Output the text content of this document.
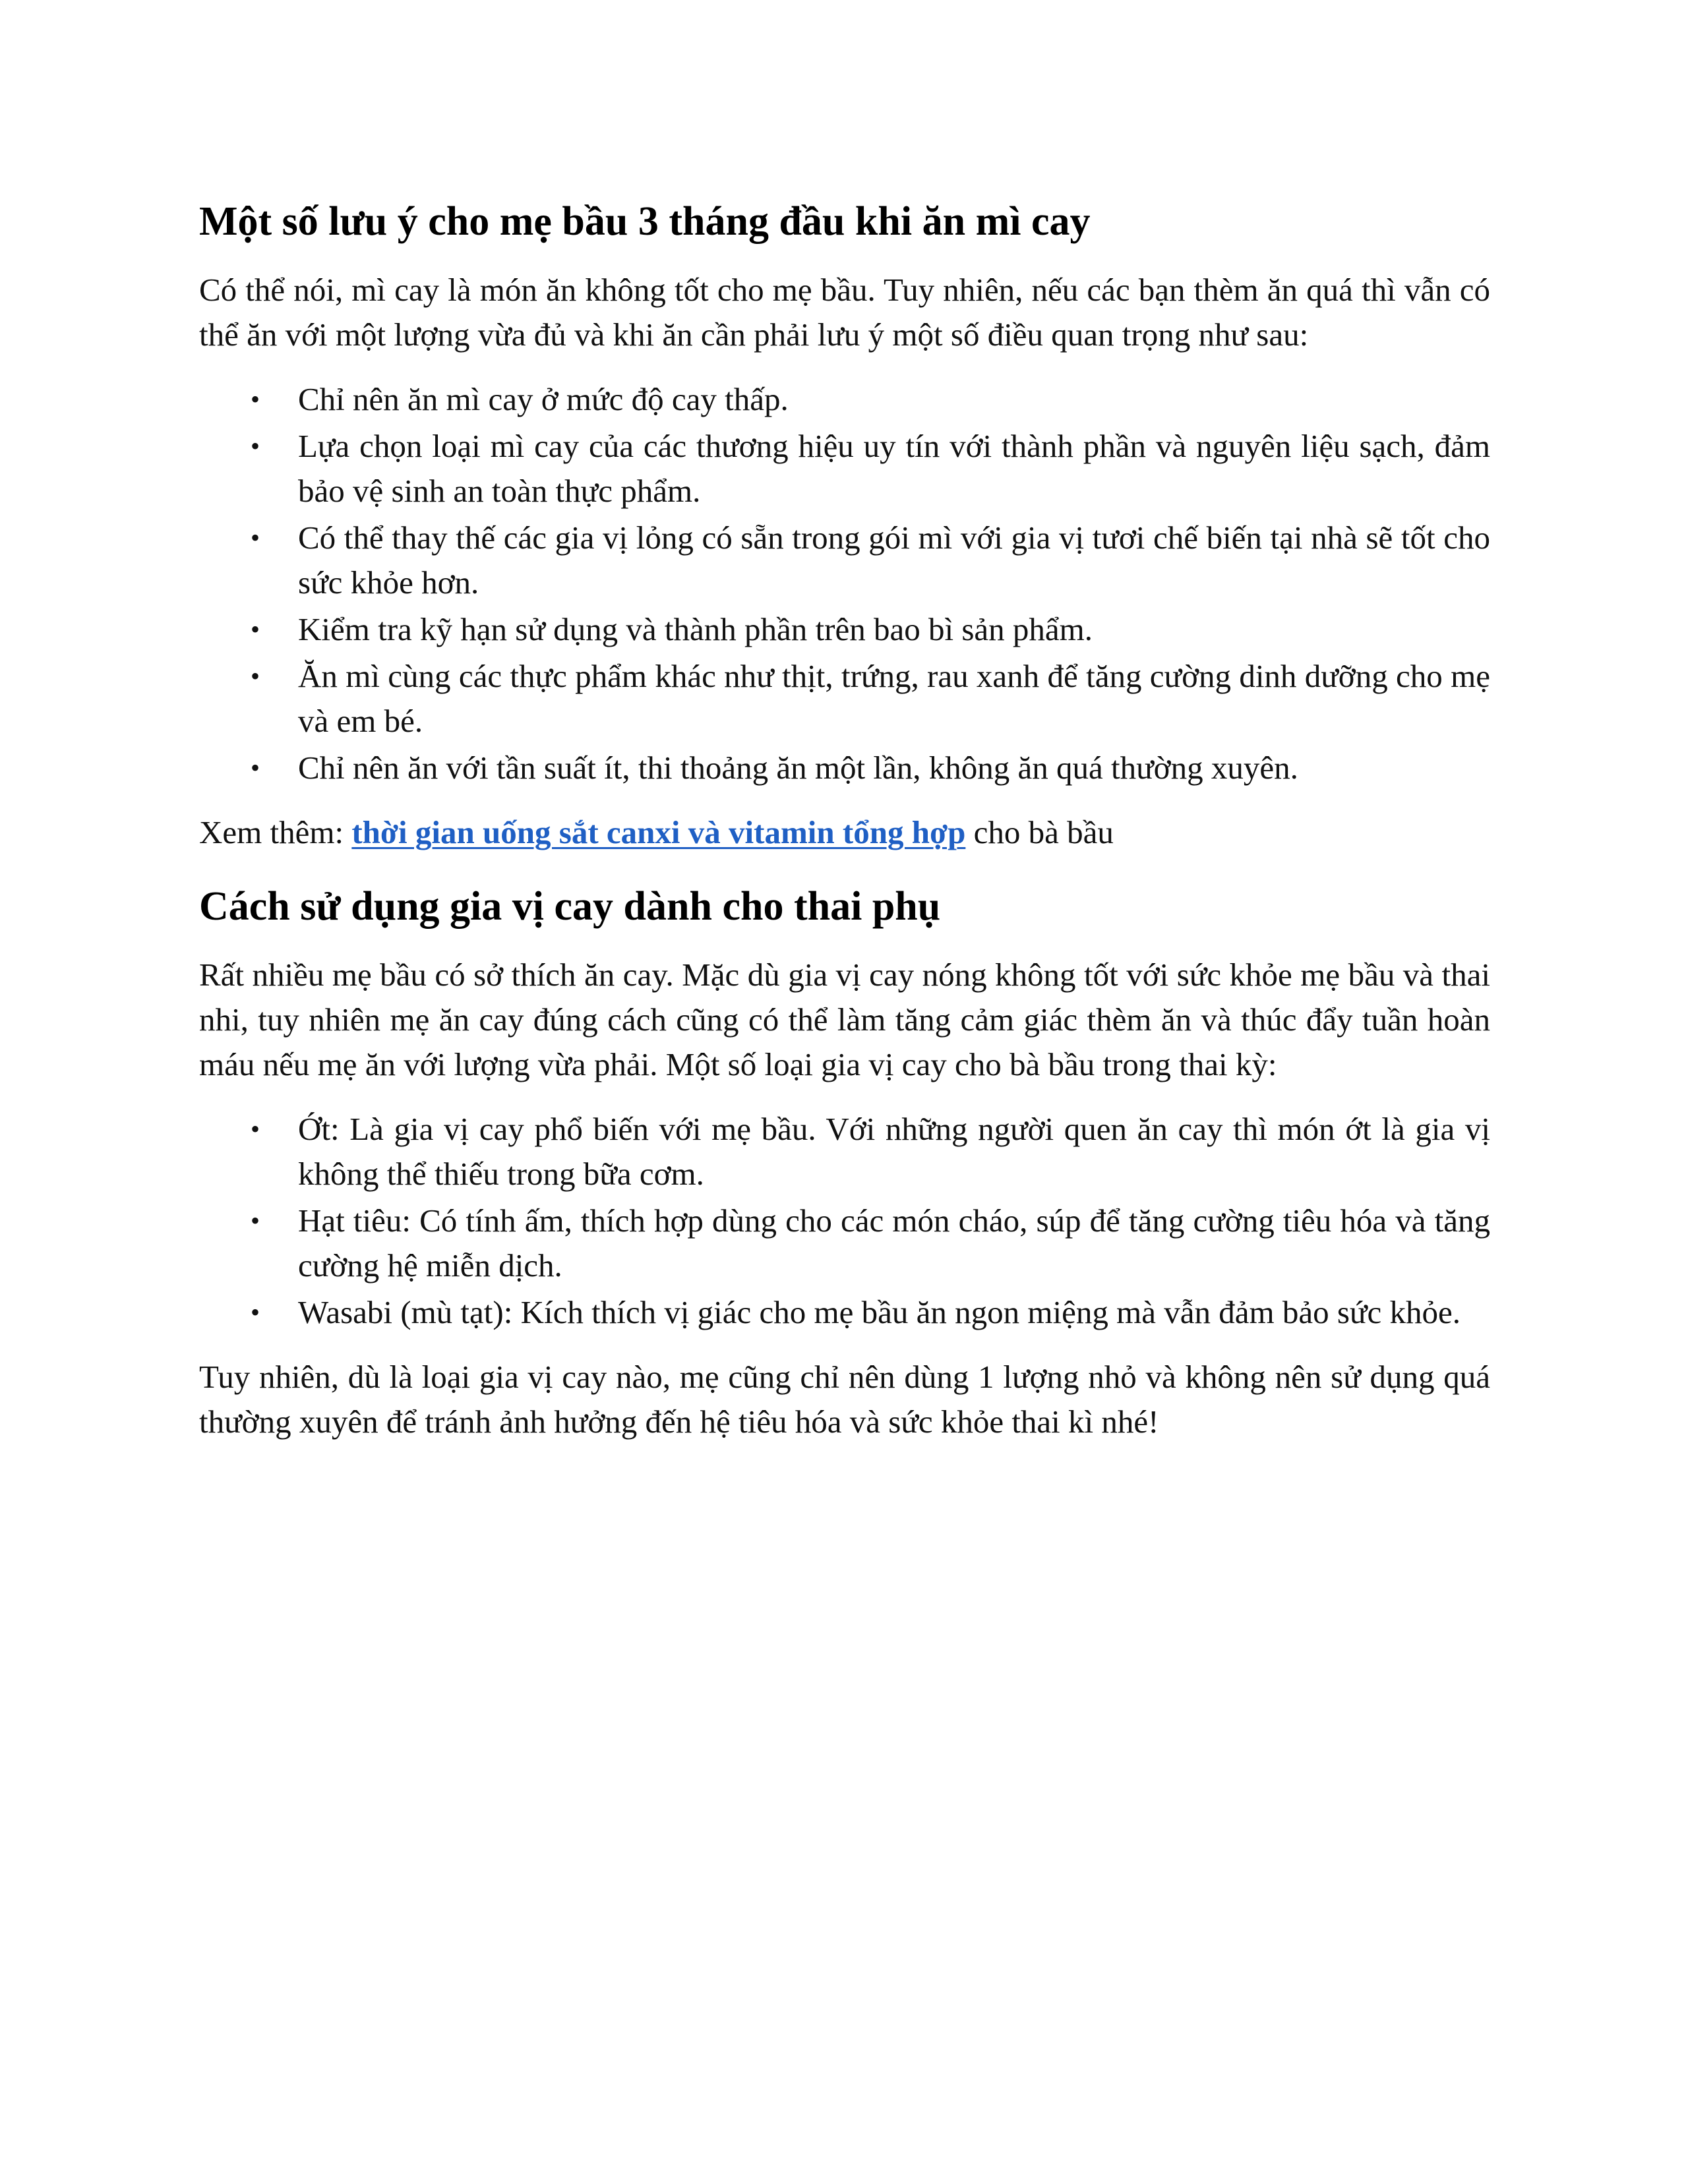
Một số lưu ý cho mẹ bầu 3 tháng đầu khi ăn mì cay

Có thể nói, mì cay là món ăn không tốt cho mẹ bầu. Tuy nhiên, nếu các bạn thèm ăn quá thì vẫn có thể ăn với một lượng vừa đủ và khi ăn cần phải lưu ý một số điều quan trọng như sau:

•	Chỉ nên ăn mì cay ở mức độ cay thấp.
•	Lựa chọn loại mì cay của các thương hiệu uy tín với thành phần và nguyên liệu sạch, đảm bảo vệ sinh an toàn thực phẩm.
•	Có thể thay thế các gia vị lỏng có sẵn trong gói mì với gia vị tươi chế biến tại nhà sẽ tốt cho sức khỏe hơn.
•	Kiểm tra kỹ hạn sử dụng và thành phần trên bao bì sản phẩm.
•	Ăn mì cùng các thực phẩm khác như thịt, trứng, rau xanh để tăng cường dinh dưỡng cho mẹ và em bé.
•	Chỉ nên ăn với tần suất ít, thi thoảng ăn một lần, không ăn quá thường xuyên.

Xem thêm: thời gian uống sắt canxi và vitamin tổng hợp cho bà bầu

Cách sử dụng gia vị cay dành cho thai phụ

Rất nhiều mẹ bầu có sở thích ăn cay. Mặc dù gia vị cay nóng không tốt với sức khỏe mẹ bầu và thai nhi, tuy nhiên mẹ ăn cay đúng cách cũng có thể làm tăng cảm giác thèm ăn và thúc đẩy tuần hoàn máu nếu mẹ ăn với lượng vừa phải. Một số loại gia vị cay cho bà bầu trong thai kỳ:

•	Ớt: Là gia vị cay phổ biến với mẹ bầu. Với những người quen ăn cay thì món ớt là gia vị không thể thiếu trong bữa cơm.
•	Hạt tiêu: Có tính ấm, thích hợp dùng cho các món cháo, súp để tăng cường tiêu hóa và tăng cường hệ miễn dịch.
•	Wasabi (mù tạt): Kích thích vị giác cho mẹ bầu ăn ngon miệng mà vẫn đảm bảo sức khỏe.

Tuy nhiên, dù là loại gia vị cay nào, mẹ cũng chỉ nên dùng 1 lượng nhỏ và không nên sử dụng quá thường xuyên để tránh ảnh hưởng đến hệ tiêu hóa và sức khỏe thai kì nhé!
